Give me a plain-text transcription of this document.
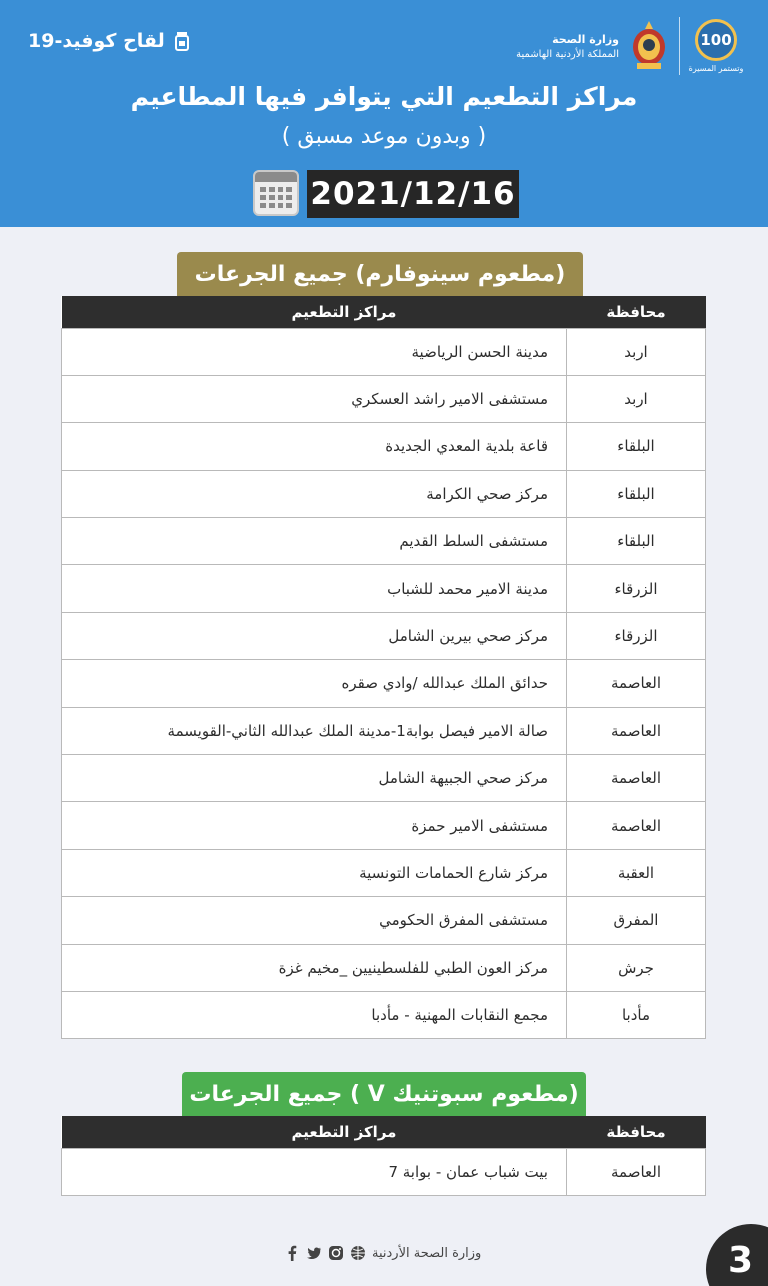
100
وتستمر المسيرة
وزارة الصحة
المملكة الأردنية الهاشمية
لقاح كوفيد-19
مراكز التطعيم التي يتوافر فيها المطاعيم
( وبدون موعد مسبق )
2021/12/16
(مطعوم سينوفارم) جميع الجرعات
محافظة	مراكز التطعيم
اربد	مدينة الحسن الرياضية
اربد	مستشفى الامير راشد العسكري
البلقاء	قاعة بلدية المعدي الجديدة
البلقاء	مركز صحي الكرامة
البلقاء	مستشفى السلط القديم
الزرقاء	مدينة الامير محمد للشباب
الزرقاء	مركز صحي بيرين الشامل
العاصمة	حدائق الملك عبدالله /وادي صقره
العاصمة	صالة الامير فيصل بوابة1-مدينة الملك عبدالله الثاني-القويسمة
العاصمة	مركز صحي الجبيهة الشامل
العاصمة	مستشفى الامير حمزة
العقبة	مركز شارع الحمامات التونسية
المفرق	مستشفى المفرق الحكومي
جرش	مركز العون الطبي للفلسطينيين _مخيم غزة
مأدبا	مجمع النقابات المهنية - مأدبا
(مطعوم سبوتنيك V ) جميع الجرعات
محافظة	مراكز التطعيم
العاصمة	بيت شباب عمان - بوابة 7
وزارة الصحة الأردنية	3
